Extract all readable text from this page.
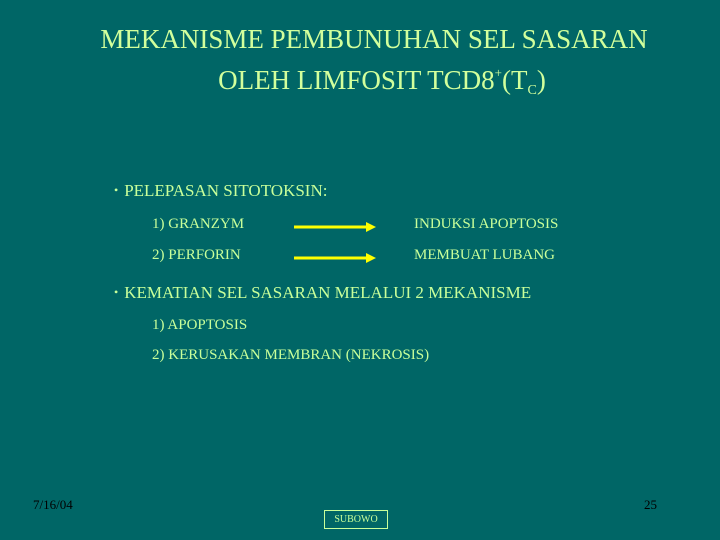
MEKANISME PEMBUNUHAN SEL SASARAN
OLEH LIMFOSIT $TCD8^+(T_C)$
• PELEPASAN SITOTOKSIN:
1) GRANZYM	INDUKSI APOPTOSIS
2) PERFORIN	MEMBUAT LUBANG
• KEMATIAN SEL SASARAN MELALUI 2 MEKANISME
1) APOPTOSIS
2) KERUSAKAN MEMBRAN (NEKROSIS)
7/16/04	25
SUBOWO
